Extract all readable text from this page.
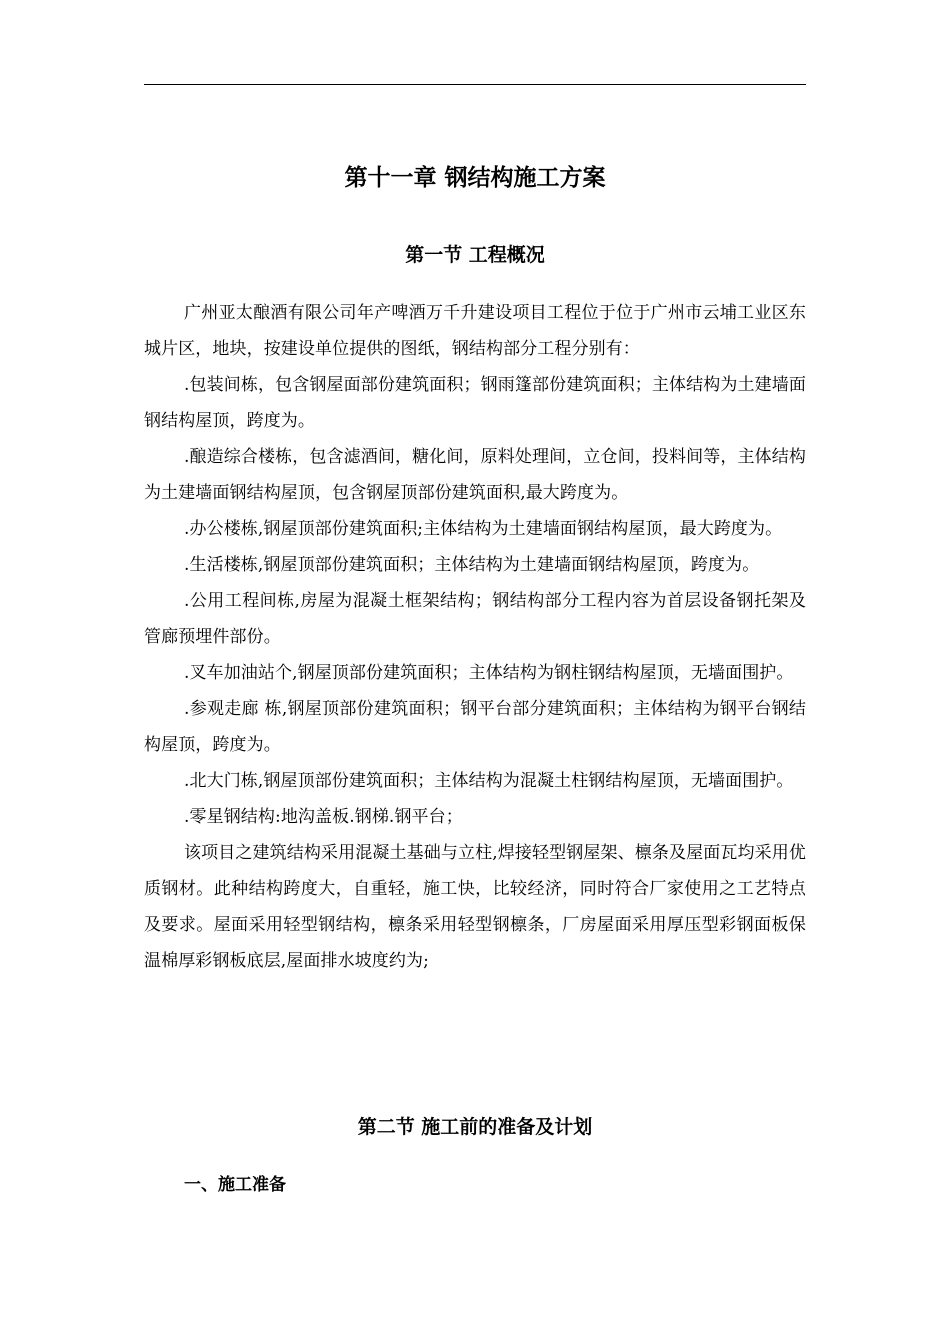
第十一章 钢结构施工方案
第一节 工程概况

广州亚太酿酒有限公司年产啤酒万千升建设项目工程位于位于广州市云埔工业区东城片区，地块，按建设单位提供的图纸，钢结构部分工程分别有：

.包装间栋，包含钢屋面部份建筑面积；钢雨篷部份建筑面积；主体结构为土建墙面钢结构屋顶，跨度为。

.酿造综合楼栋，包含滤酒间，糖化间，原料处理间，立仓间，投料间等，主体结构为土建墙面钢结构屋顶，包含钢屋顶部份建筑面积,最大跨度为。

.办公楼栋,钢屋顶部份建筑面积;主体结构为土建墙面钢结构屋顶，最大跨度为。

.生活楼栋,钢屋顶部份建筑面积；主体结构为土建墙面钢结构屋顶，跨度为。

.公用工程间栋,房屋为混凝土框架结构；钢结构部分工程内容为首层设备钢托架及管廊预埋件部份。

.叉车加油站个,钢屋顶部份建筑面积；主体结构为钢柱钢结构屋顶，无墙面围护。

.参观走廊 栋,钢屋顶部份建筑面积；钢平台部分建筑面积；主体结构为钢平台钢结构屋顶，跨度为。

.北大门栋,钢屋顶部份建筑面积；主体结构为混凝土柱钢结构屋顶，无墙面围护。

.零星钢结构:地沟盖板.钢梯.钢平台；

该项目之建筑结构采用混凝土基础与立柱,焊接轻型钢屋架、檩条及屋面瓦均采用优质钢材。此种结构跨度大，自重轻，施工快，比较经济，同时符合厂家使用之工艺特点及要求。屋面采用轻型钢结构，檩条采用轻型钢檩条，厂房屋面采用厚压型彩钢面板保温棉厚彩钢板底层,屋面排水坡度约为;

第二节 施工前的准备及计划
一、施工准备
